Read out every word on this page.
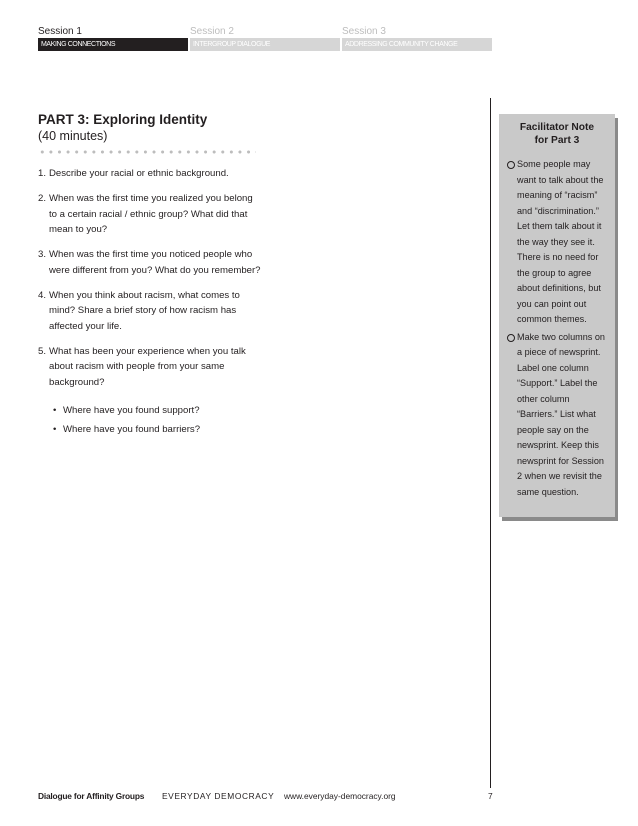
Session 1
MAKING CONNECTIONS
Session 2
INTERGROUP DIALOGUE
Session 3
ADDRESSING COMMUNITY CHANGE
PART 3: Exploring Identity

(40 minutes)

1. Describe your racial or ethnic background.
2. When was the first time you realized you belong to a certain racial / ethnic group? What did that mean to you?
3. When was the first time you noticed people who were different from you? What do you remember?
4. When you think about racism, what comes to mind? Share a brief story of how racism has affected your life.
5. What has been your experience when you talk about racism with people from your same background?
• Where have you found support?
• Where have you found barriers?
Facilitator Note
for Part 3
Some people may want to talk about the meaning of “racism” and “discrimination.” Let them talk about it the way they see it. There is no need for the group to agree about definitions, but you can point out common themes.
Make two columns on a piece of newsprint. Label one column “Support.” Label the other column “Barriers.” List what people say on the newsprint. Keep this newsprint for Session 2 when we revisit the same question.
Dialogue for Affinity Groups EVERYDAY DEMOCRACY www.everyday-democracy.org	7
